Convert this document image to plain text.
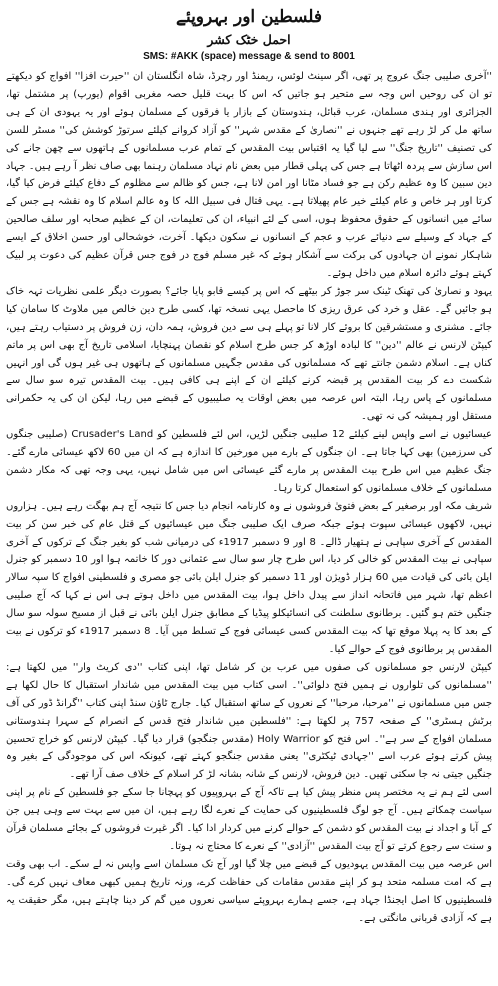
فلسطین اور بہروپئے
احمل خٹک کشر
SMS: #AKK (space) message & send to 8001

''آخری صلیبی جنگ عروج پر تھی، اگر سینٹ لوئس، ریمنڈ اور رچرڈ، شاہ انگلستان ان ''حیرت افزا'' افواج کو دیکھتے تو ان کی روحیں اس وجہ سے متحیر ہو جاتیں کہ اس کا بہت قلیل حصہ مغربی اقوام (یورپ) پر مشتمل تھا، الجزائری اور ہندی مسلمان، عرب قبائل، ہندوستان کے بازار یا فرقوں کے مسلمان ہوئے اور یہ یہودی ان کے ہی ساتھ مل کر لڑ رہے تھے جنہوں نے ''نصاریٰ کے مقدس شہر'' کو آزاد کروانے کیلئے سرتوڑ کوشش کی'' مسٹر للسن کی تصنیف ''تاریخ جنگ'' سے لیا گیا یہ اقتباس بیت المقدس کے تمام عرب مسلمانوں کے ہاتھوں سے چھن جانے کی اس سازش سے پردہ اٹھاتا ہے جس کی پہلی قطار میں بعض نام نہاد مسلمان رہنما بھی صاف نظر آ رہے ہیں۔ جہاد دین سبین کا وہ عظیم رکن ہے جو فساد مٹانا اور امن لانا ہے، جس کو ظالم سے مظلوم کے دفاع کیلئے فرض کیا گیا، کرتا اور ہر خاص و عام کیلئے خیر عام پھیلاتا ہے۔ یہی قتال فی سبیل اللہ کا وہ عالم اسلام کا وہ نقشہ ہے جس کے سائے میں انسانوں کے حقوق محفوظ ہوں، اسی کے لئے انبیاء، ان کی تعلیمات، ان کے عظیم صحابہ اور سلف صالحین کے جہاد کے وسیلے سے دنیائے عرب و عجم کے انسانوں نے سکون دیکھا۔ آخرت، خوشحالی اور حسن اخلاق کے ایسے شاہکار نمونے ان جہادوں کی برکت سے آشکار ہوئے کہ غیر مسلم فوج در فوج جس قرآن عظیم کی دعوت پر لبیک کہتے ہوئے دائرہ اسلام میں داخل ہوئے۔

یہود و نصاریٰ کی تھنک ٹینک سر جوڑ کر بیٹھے کہ اس پر کیسے قابو پایا جائے؟ بصورت دیگر علمی نظریات تہہ خاک ہو جائیں گے۔ عقل و خرد کی عرق ریزی کا ماحصل یہی نسخہ تھا، کسی طرح دین خالص میں ملاوٹ کا سامان کیا جائے۔ مشنری و مستشرقین کا بروئے کار لانا تو پہلے ہی سے دین فروش، ہمہ دان، زن فروش پر دستیاب رہتے ہیں، کیپٹن لارنس نے عالم ''دین'' کا لبادہ اوڑھ کر جس طرح اسلام کو نقصان پہنچایا، اسلامی تاریخ آج بھی اس پر ماتم کناں ہے۔ اسلام دشمن جانتے تھے کہ مسلمانوں کی مقدس جگہیں مسلمانوں کے ہاتھوں ہی غیر ہوں گی اور انہیں شکست دے کر بیت المقدس پر قبضہ کرنے کیلئے ان کے اپنے ہی کافی ہیں۔ بیت المقدس تیرہ سو سال سے مسلمانوں کے پاس رہا، البتہ اس عرصہ میں بعض اوقات یہ صلیبیوں کے قبضے میں رہا، لیکن ان کی یہ حکمرانی مستقل اور ہمیشہ کی نہ تھی۔

عیسائیوں نے اسے واپس لینے کیلئے 12 صلیبی جنگیں لڑیں، اس لئے فلسطین کو Crusader's Land (صلیبی جنگوں کی سرزمین) بھی کہا جاتا ہے۔ ان جنگوں کے بارے میں مورخین کا اندازہ ہے کہ ان میں 60 لاکھ عیسائی مارے گئے۔ جنگ عظیم میں اس طرح بیت المقدس پر مارے گئے عیسائی اس میں شامل نہیں، یہی وجہ تھی کہ مکار دشمن مسلمانوں کے خلاف مسلمانوں کو استعمال کرتا رہا۔

شریف مکہ اور برصغیر کے بعض فتویٰ فروشوں نے وہ کارنامہ انجام دیا جس کا نتیجہ آج ہم بھگت رہے ہیں۔ ہزاروں نہیں، لاکھوں عیسائی سپوت ہوئے جبکہ صرف ایک صلیبی جنگ میں عیسائیوں کے قتل عام کی خبر سن کر بیت المقدس کے آخری سپاہی نے ہتھیار ڈالے۔ 8 اور 9 دسمبر 1917ء کی درمیانی شب کو بغیر جنگ کے ترکوں کے آخری سپاہی نے بیت المقدس کو خالی کر دیا، اس طرح چار سو سال سے عثمانی دور کا خاتمہ ہوا اور 10 دسمبر کو جنرل ایلن بائی کی قیادت میں 60 ہزار ڈویژن اور 11 دسمبر کو جنرل ایلن بائی جو مصری و فلسطینی افواج کا سپہ سالار اعظم تھا، شہر میں فاتحانہ انداز سے پیدل داخل ہوا، بیت المقدس میں داخل ہوتے ہی اس نے کہا کہ آج صلیبی جنگیں ختم ہو گئیں۔ برطانوی سلطنت کی انسائیکلو پیڈیا کے مطابق جنرل ایلن بائی نے قبل از مسیح سولہ سو سال کے بعد کا یہ پہلا موقع تھا کہ بیت المقدس کسی عیسائی فوج کے تسلط میں آیا۔ 8 دسمبر 1917ء کو ترکوں نے بیت المقدس پر برطانوی فوج کے حوالے کیا۔

کیپٹن لارنس جو مسلمانوں کی صفوں میں عرب بن کر شامل تھا، اپنی کتاب ''دی کریٹ وار'' میں لکھتا ہے: ''مسلمانوں کی تلواروں نے ہمیں فتح دلوائی''۔ اسی کتاب میں بیت المقدس میں شاندار استقبال کا حال لکھا ہے جس میں مسلمانوں نے ''مرحبا، مرحبا'' کے نعروں کے ساتھ استقبال کیا۔ جارج ٹاؤن سنڈ اپنی کتاب ''گرانڈ ڈور کی آف برٹش ہسٹری'' کے صفحہ 757 پر لکھتا ہے: ''فلسطین میں شاندار فتح قدس کے انصرام کے سہرا ہندوستانی مسلمان افواج کے سر ہے''۔ اس فتح کو Holy Warrior (مقدس جنگجو) قرار دیا گیا۔ کیپٹن لارنس کو خراج تحسین پیش کرتے ہوئے عرب اسے ''جہادی ٹیکٹری'' یعنی مقدس جنگجو کہتے تھے، کیونکہ اس کی موجودگی کے بغیر وہ جنگیں جیتی نہ جا سکتی تھیں۔ دین فروش، لارنس کے شانہ بشانہ لڑ کر اسلام کے خلاف صف آرا تھے۔

اسی لئے ہم نے یہ مختصر پس منظر پیش کیا ہے تاکہ آج کے بہروپیوں کو پہچانا جا سکے جو فلسطین کے نام پر اپنی سیاست چمکاتے ہیں۔ آج جو لوگ فلسطینیوں کی حمایت کے نعرے لگا رہے ہیں، ان میں سے بہت سے وہی ہیں جن کے آبا و اجداد نے بیت المقدس کو دشمن کے حوالے کرنے میں کردار ادا کیا۔ اگر غیرت فروشوں کے بجائے مسلمان قرآن و سنت سے رجوع کرتے تو آج بیت المقدس ''آزادی'' کے نعرے کا محتاج نہ ہوتا۔

اس عرصہ میں بیت المقدس یہودیوں کے قبضے میں چلا گیا اور آج تک مسلمان اسے واپس نہ لے سکے۔ اب بھی وقت ہے کہ امت مسلمہ متحد ہو کر اپنے مقدس مقامات کی حفاظت کرے، ورنہ تاریخ ہمیں کبھی معاف نہیں کرے گی۔ فلسطینیوں کا اصل ایجنڈا جہاد ہے، جسے ہمارے بہروپئے سیاسی نعروں میں گم کر دینا چاہتے ہیں، مگر حقیقت یہ ہے کہ آزادی قربانی مانگتی ہے۔
